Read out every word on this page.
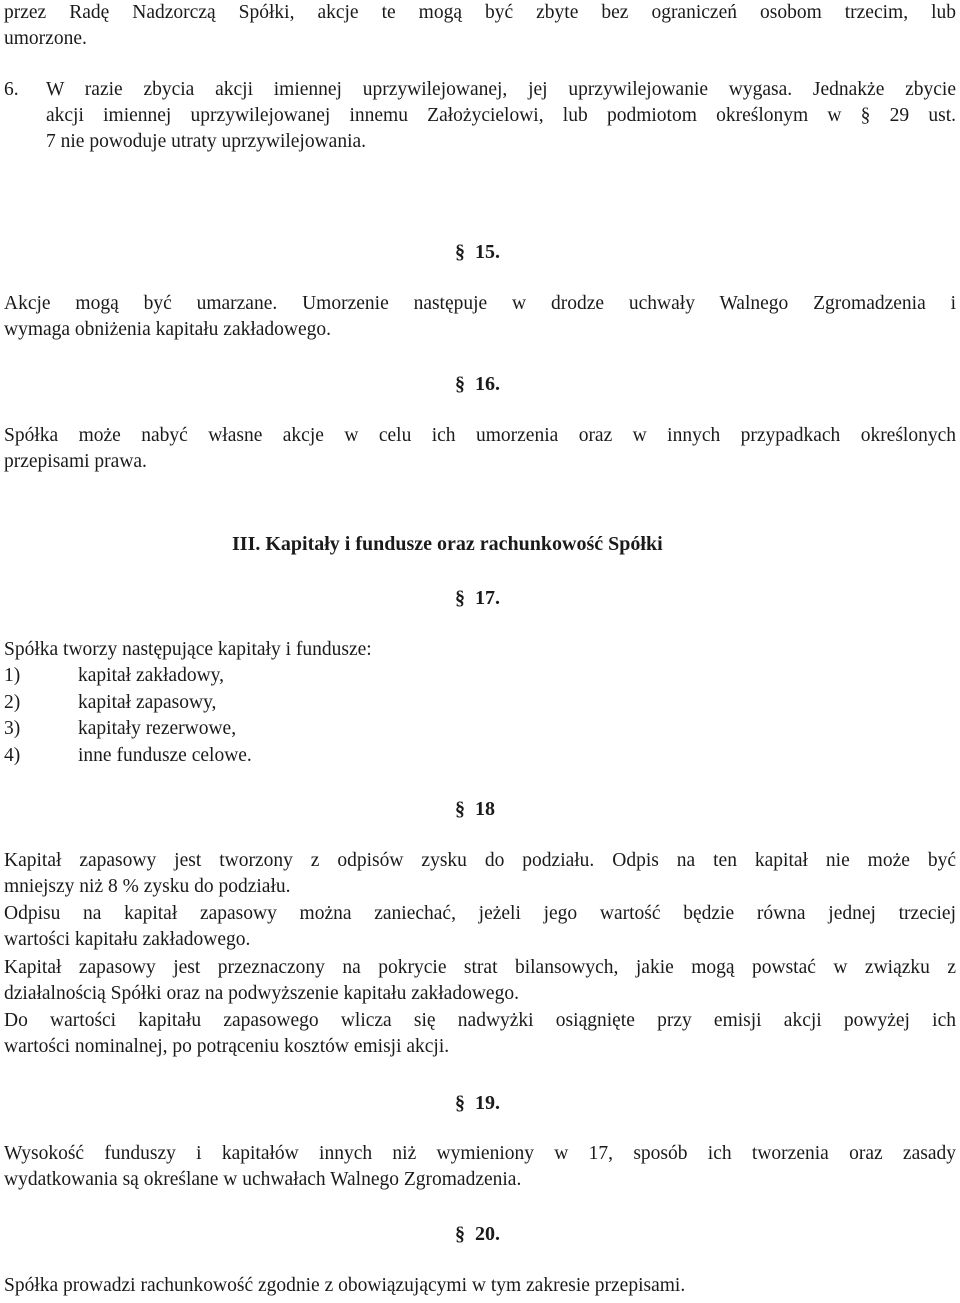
przez Radę Nadzorczą Spółki, akcje te mogą być zbyte bez ograniczeń osobom trzecim, lub
umorzone.
6. W razie zbycia akcji imiennej uprzywilejowanej, jej uprzywilejowanie wygasa. Jednakże zbycie
akcji imiennej uprzywilejowanej innemu Założycielowi, lub podmiotom określonym w § 29 ust.
7 nie powoduje utraty uprzywilejowania.
§ 15.
Akcje mogą być umarzane. Umorzenie następuje w drodze uchwały Walnego Zgromadzenia i
wymaga obniżenia kapitału zakładowego.
§ 16.
Spółka może nabyć własne akcje w celu ich umorzenia oraz w innych przypadkach określonych
przepisami prawa.
III. Kapitały i fundusze oraz rachunkowość Spółki
§ 17.
Spółka tworzy następujące kapitały i fundusze:
1)	kapitał zakładowy,
2)	kapitał zapasowy,
3)	kapitały rezerwowe,
4)	inne fundusze celowe.
§ 18
Kapitał zapasowy jest tworzony z odpisów zysku do podziału. Odpis na ten kapitał nie może być
mniejszy niż 8 % zysku do podziału.
Odpisu na kapitał zapasowy można zaniechać, jeżeli jego wartość będzie równa jednej trzeciej
wartości kapitału zakładowego.
Kapitał zapasowy jest przeznaczony na pokrycie strat bilansowych, jakie mogą powstać w związku z
działalnością Spółki oraz na podwyższenie kapitału zakładowego.
Do wartości kapitału zapasowego wlicza się nadwyżki osiągnięte przy emisji akcji powyżej ich
wartości nominalnej, po potrąceniu kosztów emisji akcji.
§ 19.
Wysokość funduszy i kapitałów innych niż wymieniony w 17, sposób ich tworzenia oraz zasady
wydatkowania są określane w uchwałach Walnego Zgromadzenia.
§ 20.
Spółka prowadzi rachunkowość zgodnie z obowiązującymi w tym zakresie przepisami.
